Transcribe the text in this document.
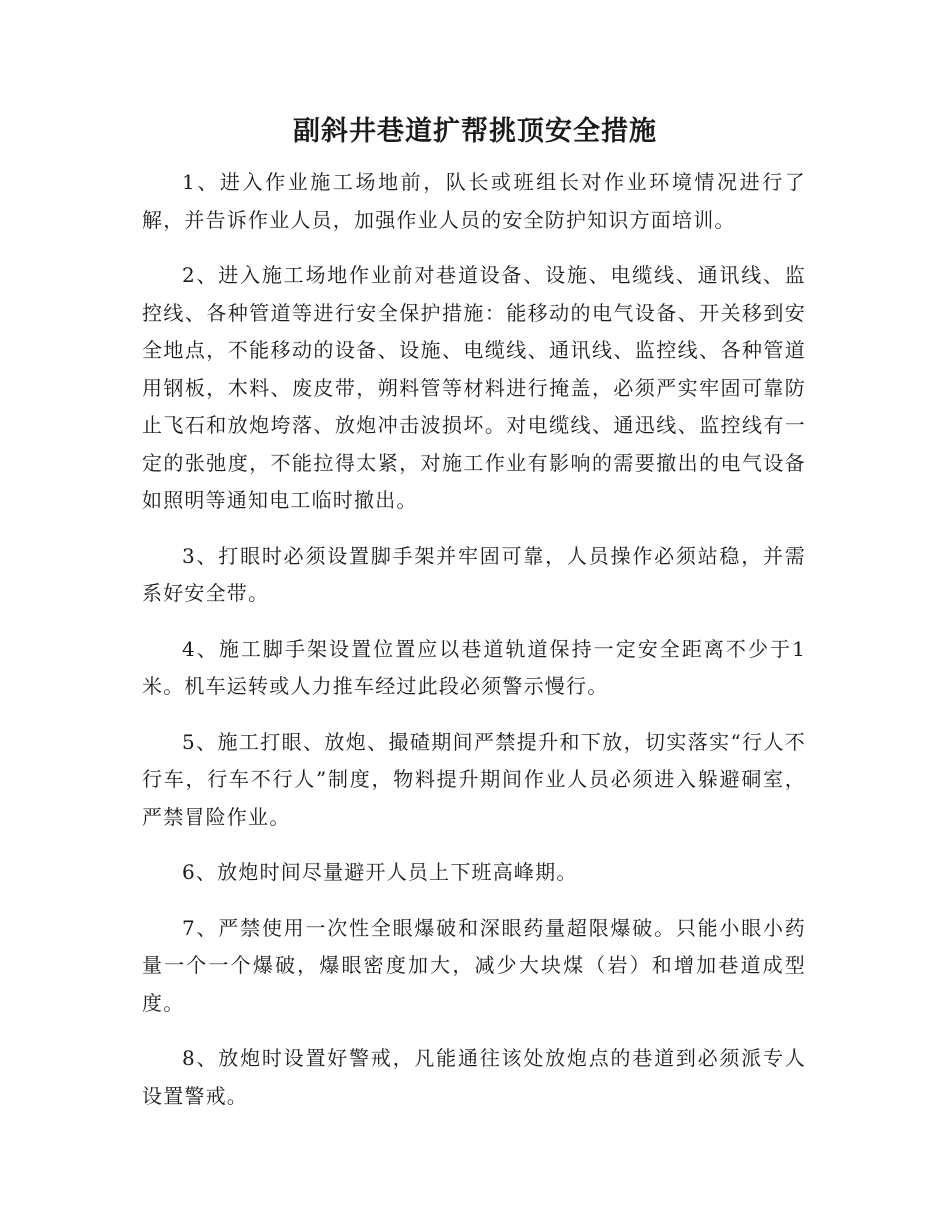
副斜井巷道扩帮挑顶安全措施

1、进入作业施工场地前，队长或班组长对作业环境情况进行了解，并告诉作业人员，加强作业人员的安全防护知识方面培训。

2、进入施工场地作业前对巷道设备、设施、电缆线、通讯线、监控线、各种管道等进行安全保护措施：能移动的电气设备、开关移到安全地点，不能移动的设备、设施、电缆线、通讯线、监控线、各种管道用钢板，木料、废皮带，朔料管等材料进行掩盖，必须严实牢固可靠防止飞石和放炮垮落、放炮冲击波损坏。对电缆线、通迅线、监控线有一定的张弛度，不能拉得太紧，对施工作业有影响的需要撤出的电气设备如照明等通知电工临时撤出。

3、打眼时必须设置脚手架并牢固可靠，人员操作必须站稳，并需系好安全带。

4、施工脚手架设置位置应以巷道轨道保持一定安全距离不少于1米。机车运转或人力推车经过此段必须警示慢行。

5、施工打眼、放炮、撮碴期间严禁提升和下放，切实落实“行人不行车，行车不行人”制度，物料提升期间作业人员必须进入躲避硐室，严禁冒险作业。

6、放炮时间尽量避开人员上下班高峰期。

7、严禁使用一次性全眼爆破和深眼药量超限爆破。只能小眼小药量一个一个爆破，爆眼密度加大，减少大块煤（岩）和增加巷道成型度。

8、放炮时设置好警戒，凡能通往该处放炮点的巷道到必须派专人设置警戒。
